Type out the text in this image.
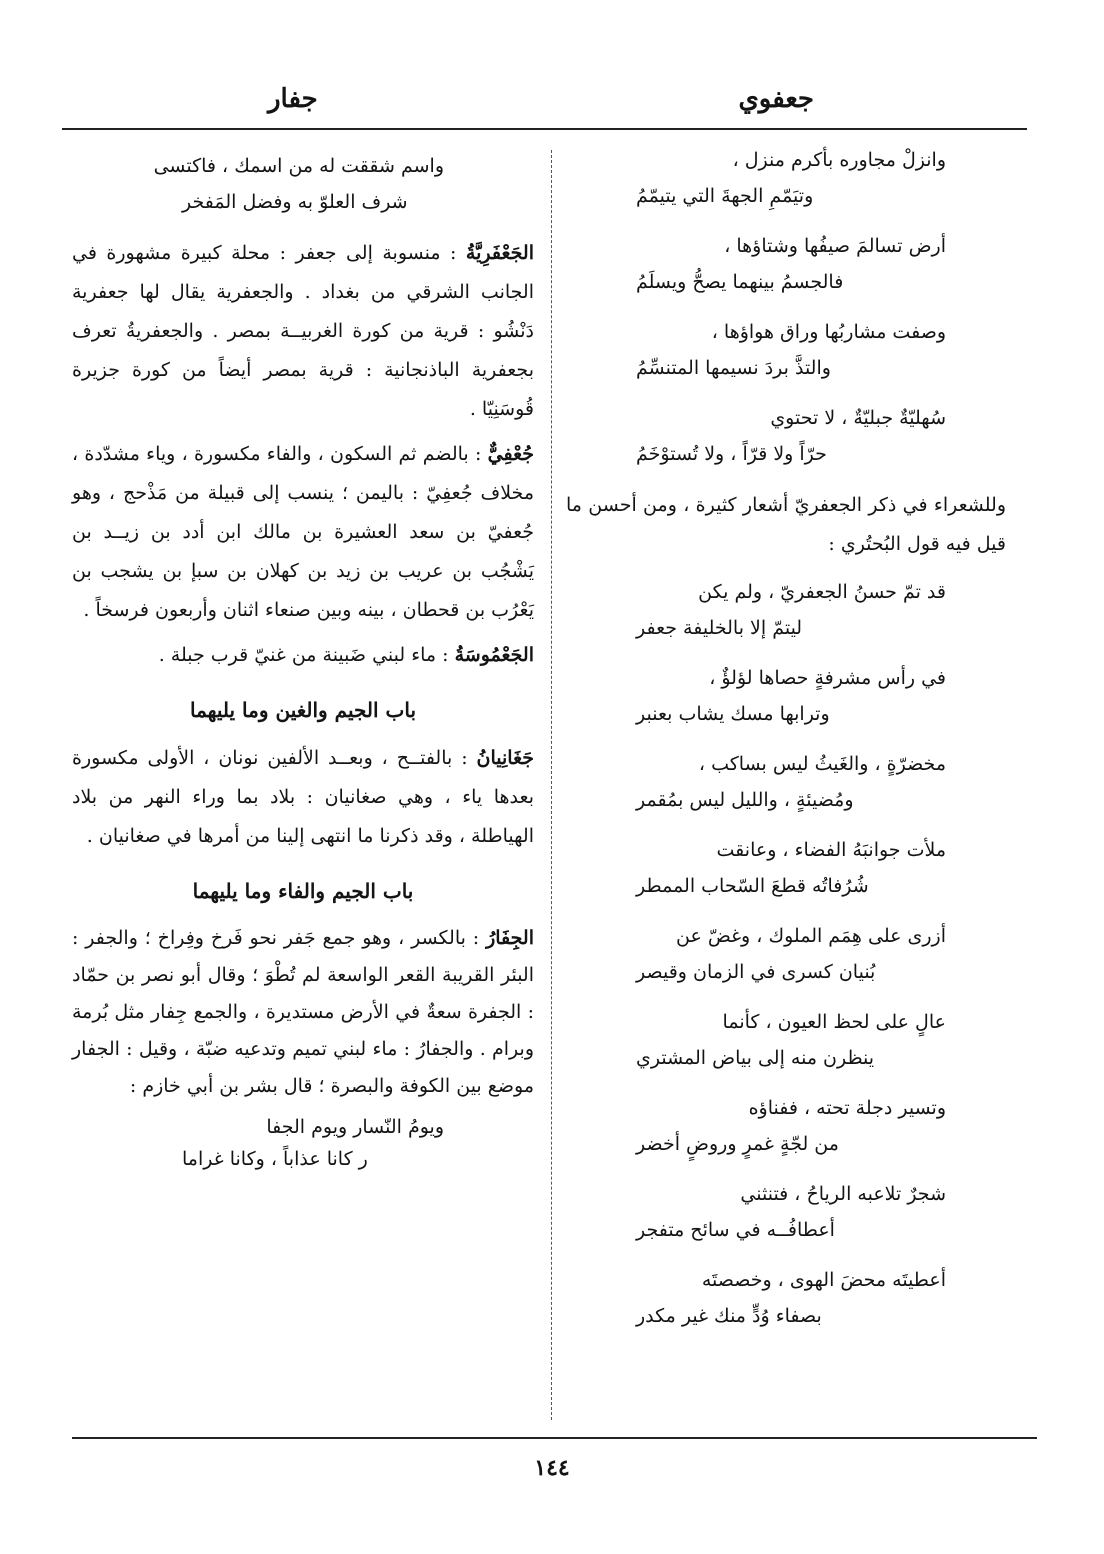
جعفوي
جفار

وانزلْ مجاوره بأكرم منزل ،

وتيَمّمِ الجهةَ التي يتيمّمُ

أرض تسالمَ صيفُها وشتاؤها ،

فالجسمُ بينهما يصحُّ ويسلَمُ

وصفت مشاربُها وراق هواؤها ،

والتذَّ بردَ نسيمها المتنسِّمُ

سُهليّةٌ جبليّةٌ ، لا تحتوي

حرّاً ولا قرّاً ، ولا تُستوْخَمُ

وللشعراء في ذكر الجعفريّ أشعار كثيرة ، ومن أحسن ما قيل فيه قول البُحتُري :

قد تمّ حسنُ الجعفريّ ، ولم يكن

ليتمّ إلا بالخليفة جعفر

في رأس مشرفةٍ حصاها لؤلؤٌ ،

وترابها مسك يشاب بعنبر

مخضرّةٍ ، والغَيثُ ليس بساكب ،

ومُضيئةٍ ، والليل ليس بمُقمر

ملأت جوانبَهُ الفضاء ، وعانقت

شُرُفاتُه قطعَ السّحاب الممطر

أزرى على هِمَم الملوك ، وغضّ عن

بُنيان كسرى في الزمان وقيصر

عالٍ على لحظ العيون ، كأنما

ينظرن منه إلى بياض المشتري

وتسير دجلة تحته ، ففناؤه

من لجّةٍ غمرٍ وروضٍ أخضر

شجرٌ تلاعبه الرياحُ ، فتنثني

أعطافُــه في سائح متفجر

أعطيتَه محضَ الهوى ، وخصصتَه

بصفاء وُدٍّ منك غير مكدر

واسم شققت له من اسمك ، فاكتسى

شرف العلوّ به وفضل المَفخر

الجَعْفَرِيَّةُ : منسوبة إلى جعفر : محلة كبيرة مشهورة في الجانب الشرقي من بغداد . والجعفرية يقال لها جعفرية دَنْشُو : قرية من كورة الغربيــة بمصر . والجعفريةُ تعرف بجعفرية الباذنجانية : قرية بمصر أيضاً من كورة جزيرة قُوسَنِيّا .

جُعْفِيٌّ : بالضم ثم السكون ، والفاء مكسورة ، وياء مشدّدة ، مخلاف جُعفِيّ : باليمن ؛ ينسب إلى قبيلة من مَذْحج ، وهو جُعفيّ بن سعد العشيرة بن مالك ابن أدد بن زيــد بن يَشْجُب بن عريب بن زيد بن كهلان بن سبإ بن يشجب بن يَعْرُب بن قحطان ، بينه وبين صنعاء اثنان وأربعون فرسخاً .

الجَعْمُوسَةُ : ماء لبني ضَبينة من غنيّ قرب جبلة .

باب الجيم والغين وما يليهما

جَغَانِيانُ : بالفتــح ، وبعــد الألفين نونان ، الأولى مكسورة بعدها ياء ، وهي صغانيان : بلاد بما وراء النهر من بلاد الهياطلة ، وقد ذكرنا ما انتهى إلينا من أمرها في صغانيان .

باب الجيم والفاء وما يليهما

الجِفَارُ : بالكسر ، وهو جمع جَفر نحو فَرخ وفِراخ ؛ والجفر : البئر القريبة القعر الواسعة لم تُطْوَ ؛ وقال أبو نصر بن حمّاد : الجفرة سعةٌ في الأرض مستديرة ، والجمع جِفار مثل بُرمة وبرام . والجفارُ : ماء لبني تميم وتدعيه ضبّة ، وقيل : الجفار موضع بين الكوفة والبصرة ؛ قال بشر بن أبي خازم :

ويومُ النّسار ويوم الجفا

ر كانا عذاباً ، وكانا غراما

١٤٤
